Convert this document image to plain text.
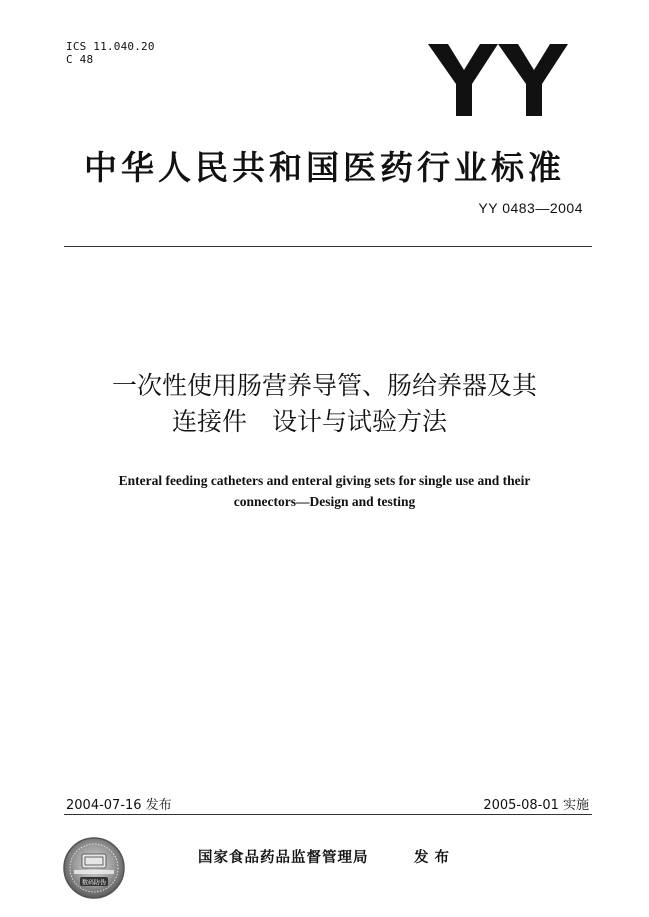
ICS 11.040.20
C 48
中华人民共和国医药行业标准
YY 0483—2004
一次性使用肠营养导管、肠给养器及其
连接件　设计与试验方法
Enteral feeding catheters and enteral giving sets for single use and their
connectors—Design and testing
2004-07-16 发布	2005-08-01 实施
数码防伪
国家食品药品监督管理局	发布
